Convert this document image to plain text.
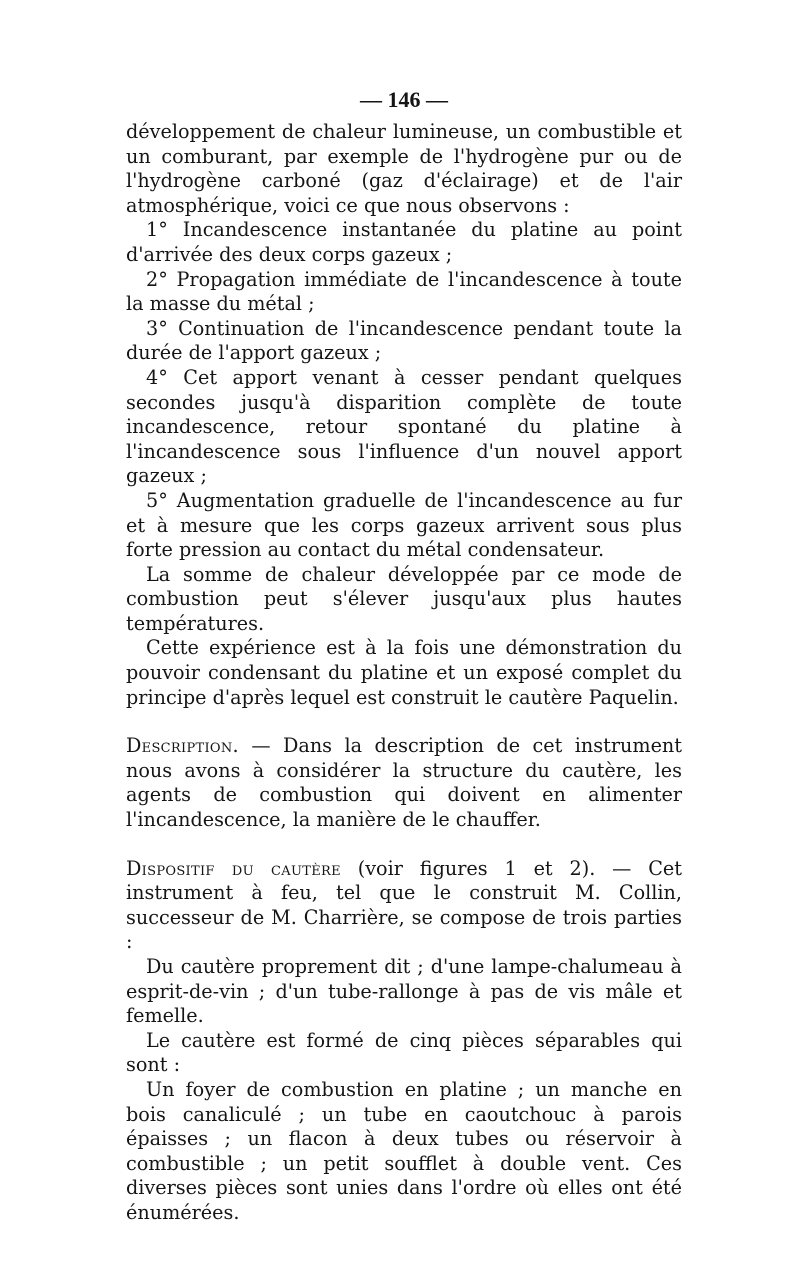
— 146 —

développement de chaleur lumineuse, un combustible et un comburant, par exemple de l'hydrogène pur ou de l'hydrogène carboné (gaz d'éclairage) et de l'air atmosphérique, voici ce que nous observons :

1° Incandescence instantanée du platine au point d'arrivée des deux corps gazeux ;

2° Propagation immédiate de l'incandescence à toute la masse du métal ;

3° Continuation de l'incandescence pendant toute la durée de l'apport gazeux ;

4° Cet apport venant à cesser pendant quelques secondes jusqu'à disparition complète de toute incandescence, retour spontané du platine à l'incandescence sous l'influence d'un nouvel apport gazeux ;

5° Augmentation graduelle de l'incandescence au fur et à mesure que les corps gazeux arrivent sous plus forte pression au contact du métal condensateur.

La somme de chaleur développée par ce mode de combustion peut s'élever jusqu'aux plus hautes températures.

Cette expérience est à la fois une démonstration du pouvoir condensant du platine et un exposé complet du principe d'après lequel est construit le cautère Paquelin.

Description. — Dans la description de cet instrument nous avons à considérer la structure du cautère, les agents de combustion qui doivent en alimenter l'incandescence, la manière de le chauffer.

Dispositif du cautère (voir figures 1 et 2). — Cet instrument à feu, tel que le construit M. Collin, successeur de M. Charrière, se compose de trois parties :

Du cautère proprement dit ; d'une lampe-chalumeau à esprit-de-vin ; d'un tube-rallonge à pas de vis mâle et femelle.

Le cautère est formé de cinq pièces séparables qui sont :

Un foyer de combustion en platine ; un manche en bois canaliculé ; un tube en caoutchouc à parois épaisses ; un flacon à deux tubes ou réservoir à combustible ; un petit soufflet à double vent. Ces diverses pièces sont unies dans l'ordre où elles ont été énumérées.
